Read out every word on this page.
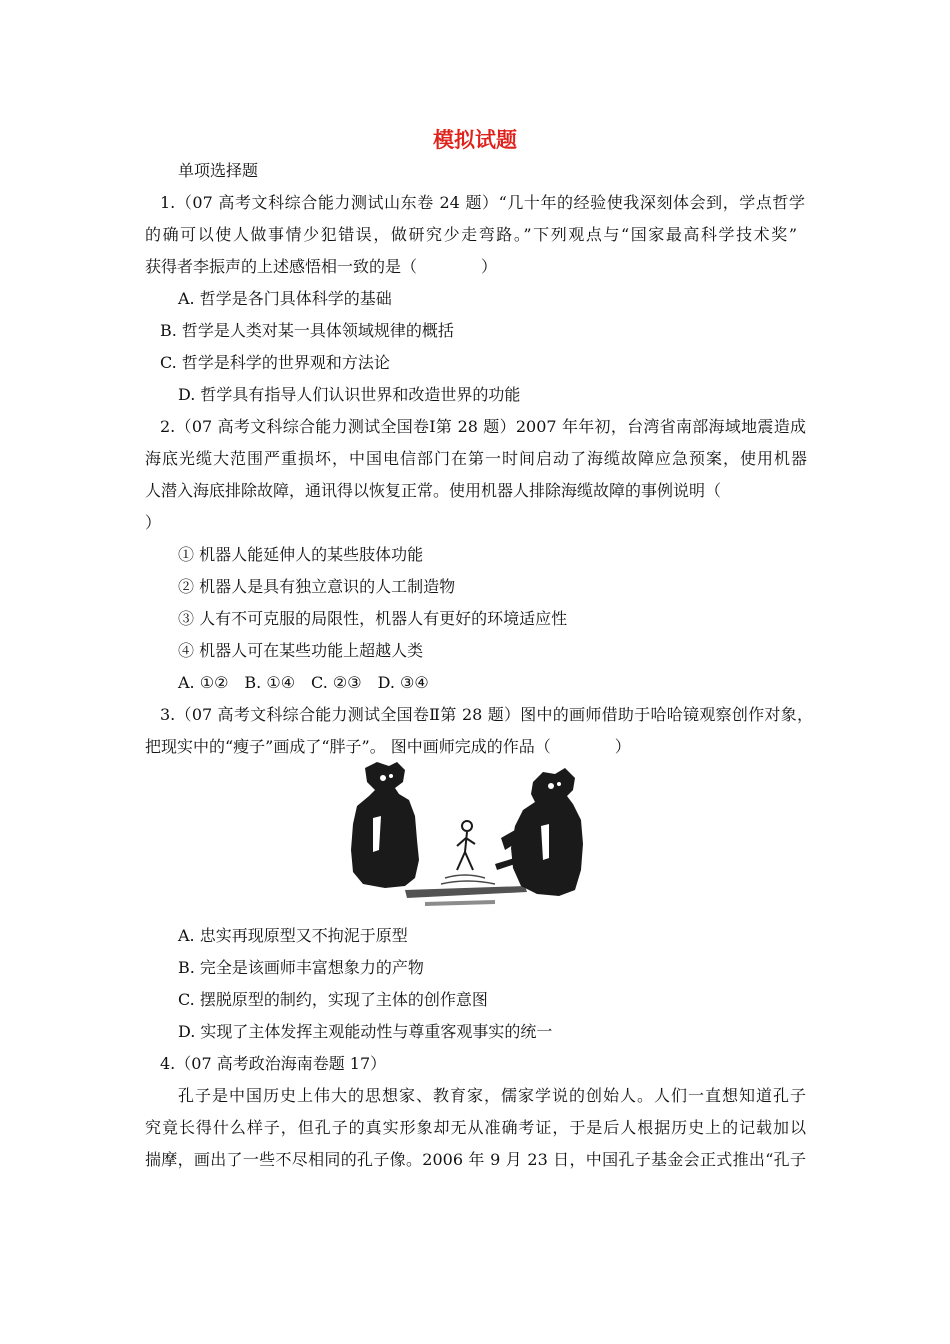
模拟试题
单项选择题
1.（07 高考文科综合能力测试山东卷 24 题）“几十年的经验使我深刻体会到，学点哲学
的确可以使人做事情少犯错误，做研究少走弯路。”下列观点与“国家最高科学技术奖”
获得者李振声的上述感悟相一致的是（　　　　）
A. 哲学是各门具体科学的基础
B. 哲学是人类对某一具体领域规律的概括
C. 哲学是科学的世界观和方法论
D. 哲学具有指导人们认识世界和改造世界的功能
2.（07 高考文科综合能力测试全国卷Ⅰ第 28 题）2007 年年初，台湾省南部海域地震造成
海底光缆大范围严重损坏，中国电信部门在第一时间启动了海缆故障应急预案，使用机器
人潜入海底排除故障，通讯得以恢复正常。使用机器人排除海缆故障的事例说明（
）
① 机器人能延伸人的某些肢体功能
② 机器人是具有独立意识的人工制造物
③ 人有不可克服的局限性，机器人有更好的环境适应性
④ 机器人可在某些功能上超越人类
A. ①②　B. ①④　C. ②③　D. ③④
3.（07 高考文科综合能力测试全国卷Ⅱ第 28 题）图中的画师借助于哈哈镜观察创作对象，
把现实中的“瘦子”画成了“胖子”。 图中画师完成的作品（　　　　）
A. 忠实再现原型又不拘泥于原型
B. 完全是该画师丰富想象力的产物
C. 摆脱原型的制约，实现了主体的创作意图
D. 实现了主体发挥主观能动性与尊重客观事实的统一
4.（07 高考政治海南卷题 17）
孔子是中国历史上伟大的思想家、教育家，儒家学说的创始人。人们一直想知道孔子
究竟长得什么样子，但孔子的真实形象却无从准确考证，于是后人根据历史上的记载加以
揣摩，画出了一些不尽相同的孔子像。2006 年 9 月 23 日，中国孔子基金会正式推出“孔子
